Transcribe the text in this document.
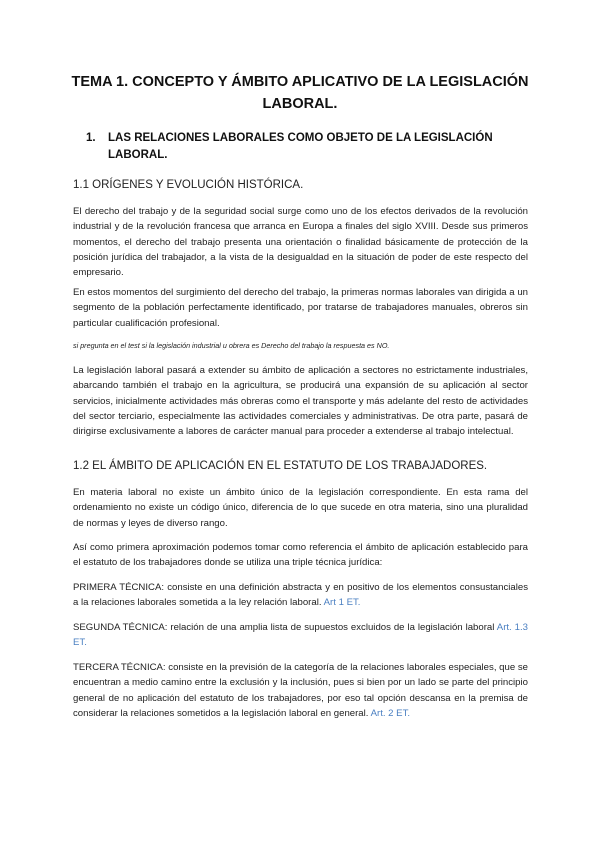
TEMA 1. CONCEPTO Y ÁMBITO APLICATIVO DE LA LEGISLACIÓN LABORAL.
1. LAS RELACIONES LABORALES COMO OBJETO DE LA LEGISLACIÓN LABORAL.
1.1 ORÍGENES Y EVOLUCIÓN HISTÓRICA.
El derecho del trabajo y de la seguridad social surge como uno de los efectos derivados de la revolución industrial y de la revolución francesa que arranca en Europa a finales del siglo XVIII. Desde sus primeros momentos, el derecho del trabajo presenta una orientación o finalidad básicamente de protección de la posición jurídica del trabajador, a la vista de la desigualdad en la situación de poder de este respecto del empresario.
En estos momentos del surgimiento del derecho del trabajo, la primeras normas laborales van dirigida a un segmento de la población perfectamente identificado, por tratarse de trabajadores manuales, obreros sin particular cualificación profesional.
si pregunta en el test si la legislación industrial u obrera es Derecho del trabajo la respuesta es NO.
La legislación laboral pasará a extender su ámbito de aplicación a sectores no estrictamente industriales, abarcando también el trabajo en la agricultura, se producirá una expansión de su aplicación al sector servicios, inicialmente actividades más obreras como el transporte y más adelante del resto de actividades del sector terciario, especialmente las actividades comerciales y administrativas. De otra parte, pasará de dirigirse exclusivamente a labores de carácter manual para proceder a extenderse al trabajo intelectual.
1.2 EL ÁMBITO DE APLICACIÓN EN EL ESTATUTO DE LOS TRABAJADORES.
En materia laboral no existe un ámbito único de la legislación correspondiente. En esta rama del ordenamiento no existe un código único, diferencia de lo que sucede en otra materia, sino una pluralidad de normas y leyes de diverso rango.
Así como primera aproximación podemos tomar como referencia el ámbito de aplicación establecido para el estatuto de los trabajadores donde se utiliza una triple técnica jurídica:
PRIMERA TÉCNICA: consiste en una definición abstracta y en positivo de los elementos consustanciales a la relaciones laborales sometida a la ley relación laboral. Art 1 ET.
SEGUNDA TÉCNICA: relación de una amplia lista de supuestos excluidos de la legislación laboral Art. 1.3 ET.
TERCERA TÉCNICA: consiste en la previsión de la categoría de la relaciones laborales especiales, que se encuentran a medio camino entre la exclusión y la inclusión, pues si bien por un lado se parte del principio general de no aplicación del estatuto de los trabajadores, por eso tal opción descansa en la premisa de considerar la relaciones sometidos a la legislación laboral en general. Art. 2 ET.
